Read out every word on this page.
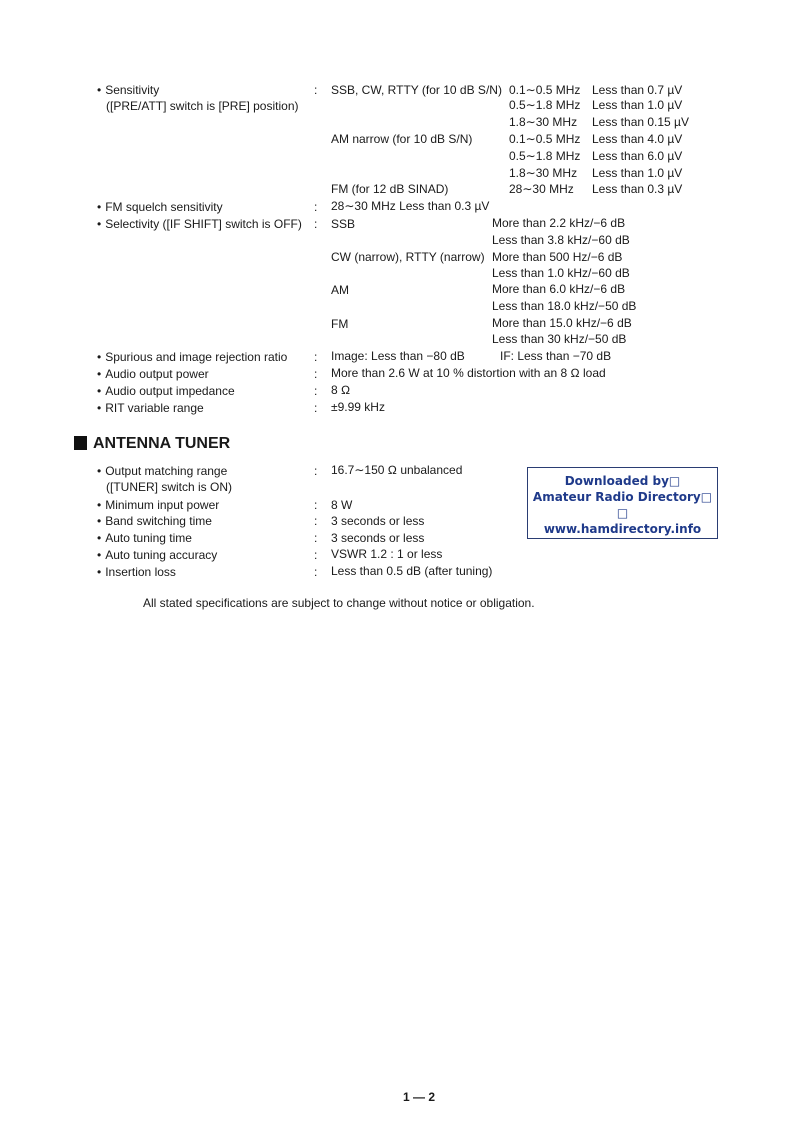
• Sensitivity
([PRE/ATT] switch is [PRE] position)
: SSB, CW, RTTY (for 10 dB S/N) 0.1∼0.5 MHz Less than 0.7 µV
0.5∼1.8 MHz Less than 1.0 µV
1.8∼30 MHz Less than 0.15 µV
AM narrow (for 10 dB S/N)	0.1∼0.5 MHz Less than 4.0 µV
0.5∼1.8 MHz Less than 6.0 µV
1.8∼30 MHz Less than 1.0 µV
FM (for 12 dB SINAD)	28∼30 MHz Less than 0.3 µV
• FM squelch sensitivity	: 28∼30 MHz Less than 0.3 µV
• Selectivity ([IF SHIFT] switch is OFF) : SSB	More than 2.2 kHz/−6 dB
Less than 3.8 kHz/−60 dB
CW (narrow), RTTY (narrow) More than 500 Hz/−6 dB
Less than 1.0 kHz/−60 dB
AM	More than 6.0 kHz/−6 dB
Less than 18.0 kHz/−50 dB
FM	More than 15.0 kHz/−6 dB
Less than 30 kHz/−50 dB
• Spurious and image rejection ratio : Image: Less than −80 dB	IF: Less than −70 dB
• Audio output power	: More than 2.6 W at 10 % distortion with an 8 Ω load
• Audio output impedance	: 8 Ω
• RIT variable range	: ±9.99 kHz
ANTENNA TUNER
• Output matching range
([TUNER] switch is ON)
: 16.7∼150 Ω unbalanced
• Minimum input power	: 8 W
• Band switching time	: 3 seconds or less
• Auto tuning time	: 3 seconds or less
• Auto tuning accuracy	: VSWR 1.2 : 1 or less
• Insertion loss	: Less than 0.5 dB (after tuning)
Downloaded by □
Amateur Radio Directory □
□
www.hamdirectory.info
All stated specifications are subject to change without notice or obligation.
1 — 2
